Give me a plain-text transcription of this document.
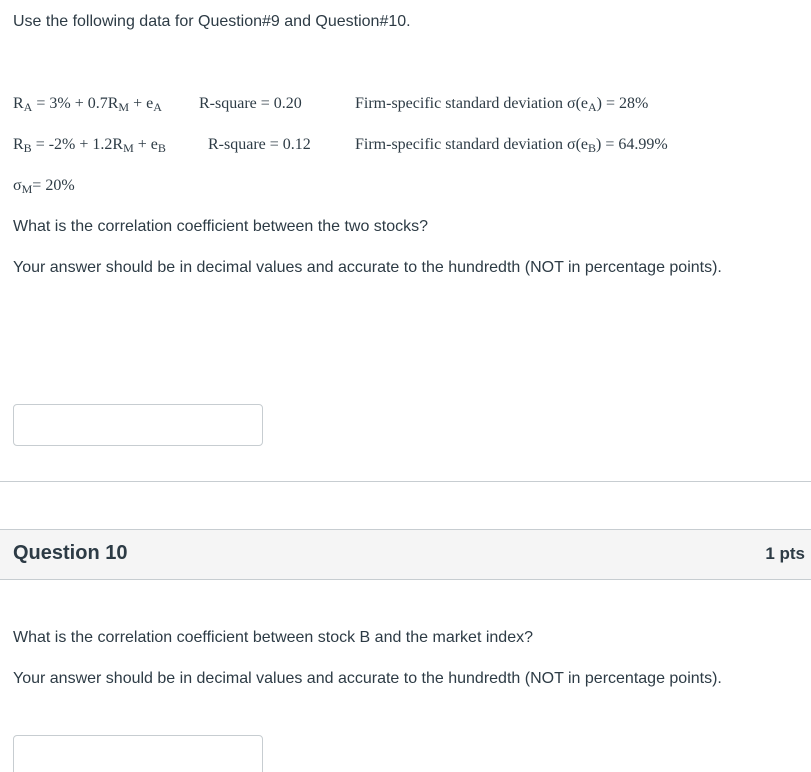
Use the following data for Question#9 and Question#10.
$R_A = 3\% + 0.7R_M + e_A$ R-square = 0.20	Firm-specific standard deviation $\sigma(e_A) = 28\%$
$R_B = -2\% + 1.2R_M + e_B$	R-square = 0.12	Firm-specific standard deviation $\sigma(e_B) = 64.99\%$
$\sigma_M= 20\%$
What is the correlation coefficient between the two stocks?
Your answer should be in decimal values and accurate to the hundredth (NOT in percentage points).
Question 10	1 pts
What is the correlation coefficient between stock B and the market index?
Your answer should be in decimal values and accurate to the hundredth (NOT in percentage points).
